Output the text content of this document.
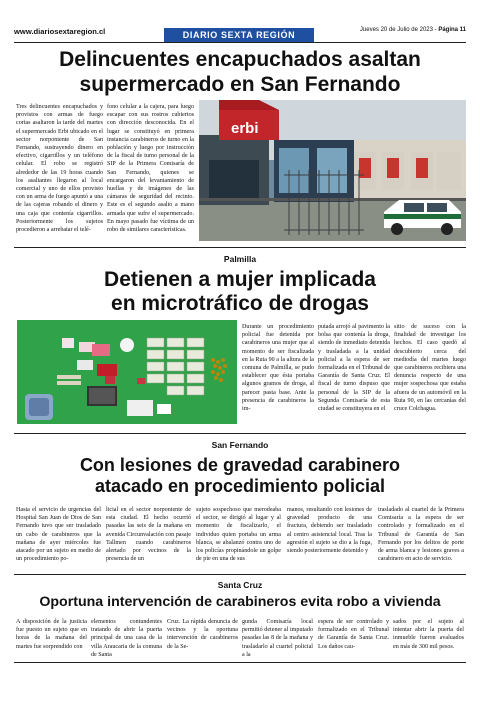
www.diariosextaregion.cl	DIARIO SEXTA REGIÓN	Jueves 20 de Julio de 2023 - Página 11
Delincuentes encapuchados asaltan
supermercado en San Fernando
Tres delincuentes encapuchados y provistos con armas de fuego cortas asaltaron la tarde del martes el supermercado Erbi ubicado en el sector norponiente de San Fernando, sustrayendo dinero en efectivo, cigarrillos y un teléfono celular. El robo se registró alrededor de las 19 horas cuando los asaltantes llegaron al local comercial y uno de ellos provisto con un arma de fuego apuntó a una de las cajeras robando el dinero y una caja que contenía cigarrillos. Posteriormente los sujetos procedieron a arrebatar el telé-
fono celular a la cajera, para luego escapar con sus rostros cubiertos con dirección desconocida. En el lugar se constituyó en primera instancia carabineros de turno en la población y luego por instrucción de la fiscal de turno personal de la SIP de la Primera Comisaría de San Fernando, quienes se encargaron del levantamiento de huellas y de imágenes de las cámaras de seguridad del recinto. Este es el segundo asalto a mano armada que sufre el supermercado. En mayo pasado fue víctima de un robo de similares características.
erbi
Palmilla
Detienen a mujer implicada
en microtráfico de drogas
Durante un procedimiento policial fue detenida por carabineros una mujer que al momento de ser fiscalizada en la Ruta 90 a la altura de la comuna de Palmilla, se pudo establecer que ésta portaba algunos gramos de droga, al parecer pasta base. Ante la presencia de carabineros la im-
putada arrojó al pavimento la bolsa que contenía la droga, siendo de inmediato detenida y trasladada a la unidad policial a la espera de ser formalizada en el Tribunal de Garantía de Santa Cruz. El fiscal de turno dispuso que personal de la SIP de la Segunda Comisaría de esta ciudad se constituyera en el
sitio de suceso con la finalidad de investigar los hechos. El caso quedó al descubierto cerca del mediodía del martes luego que carabineros recibiera una denuncia respecto de una mujer sospechosa que estaba afuera de un automóvil en la Ruta 90, en las cercanías del cruce Colchagua.
San Fernando
Con lesiones de gravedad carabinero
atacado en procedimiento policial
Hasta el servicio de urgencias del Hospital San Juan de Dios de San Fernando tuvo que ser trasladado un cabo de carabineros que la mañana de ayer miércoles fue atacado por un sujeto en medio de un procedimiento po-
licial en el sector norponiente de esta ciudad. El hecho ocurrió pasadas las seis de la mañana en avenida Circunvalación con pasaje Tallmen cuando carabineros alertado por vecinos de la presencia de un
sujeto sospechoso que merodeaba el sector, se dirigió al lugar y al momento de fiscalizarlo, el individuo quien portaba un arma blanca, se abalanzó contra uno de los policías propinándole un golpe de pie en una de sus
manos, resultando con lesiones de gravedad producto de una fractura, debiendo ser trasladado al centro asistencial local. Tras la agresión el sujeto se dio a la fuga, siendo posteriormente detenido y
trasladado al cuartel de la Primera Comisaría a la espera de ser controlado y formalizado en el Tribunal de Garantía de San Fernando por los delitos de porte de arma blanca y lesiones graves a carabinero en acto de servicio.
Santa Cruz
Oportuna intervención de carabineros evita robo a vivienda
A disposición de la justicia fue puesto un sujeto que en horas de la mañana del martes fue sorprendido con
elementos contundentes tratando de abrir la puerta principal de una casa de la villa Araucaria de la comuna de Santa
Cruz. La rápida denuncia de vecinos y la oportuna intervención de carabineros de la Se-
gunda Comisaría local permitió detener al imputado pasadas las 8 de la mañana y trasladarlo al cuartel policial a la
espera de ser controlado y formalizado en el Tribunal de Garantía de Santa Cruz. Los daños cau-
sados por el sujeto al intentar abrir la puerta del inmueble fueron avaluados en más de 300 mil pesos.
